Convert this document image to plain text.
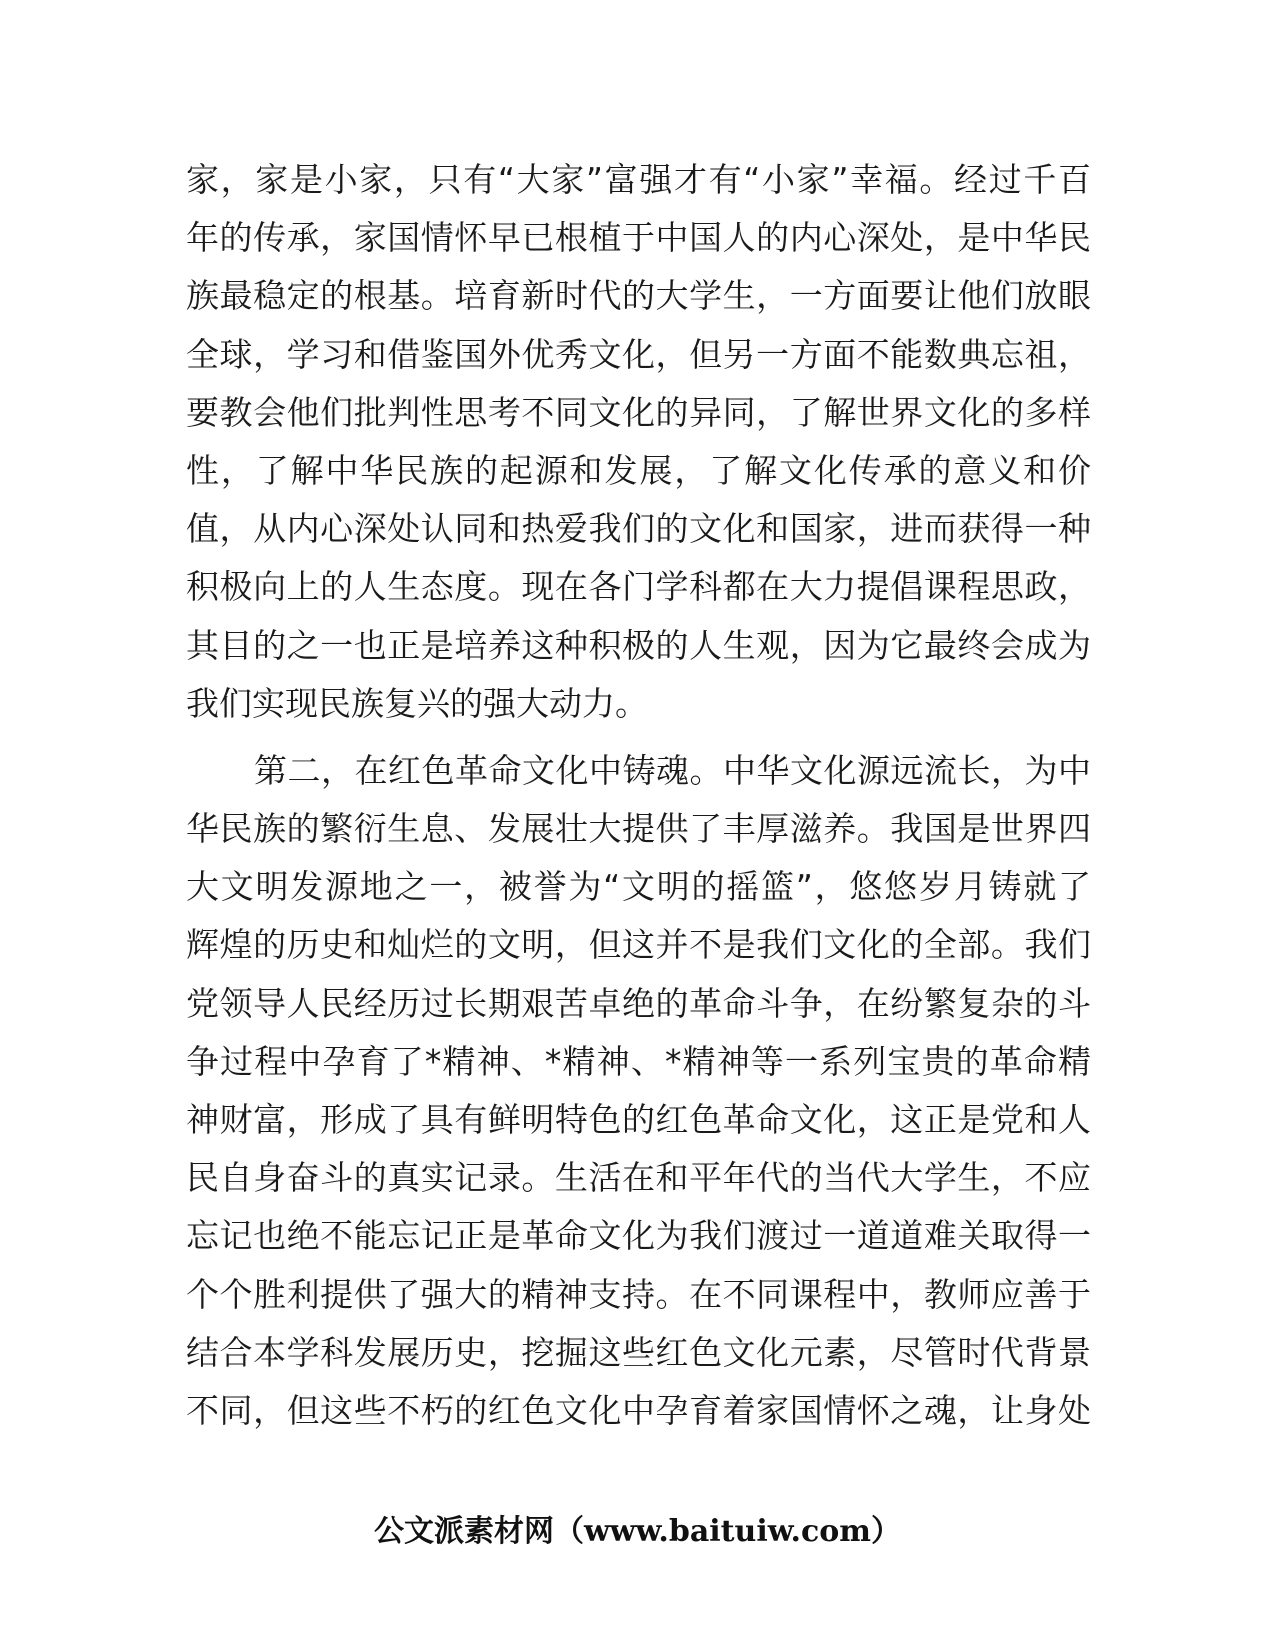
家，家是小家，只有“大家”富强才有“小家”幸福。经过千百
年的传承，家国情怀早已根植于中国人的内心深处，是中华民
族最稳定的根基。培育新时代的大学生，一方面要让他们放眼
全球，学习和借鉴国外优秀文化，但另一方面不能数典忘祖，
要教会他们批判性思考不同文化的异同，了解世界文化的多样
性，了解中华民族的起源和发展，了解文化传承的意义和价
值，从内心深处认同和热爱我们的文化和国家，进而获得一种
积极向上的人生态度。现在各门学科都在大力提倡课程思政，
其目的之一也正是培养这种积极的人生观，因为它最终会成为
我们实现民族复兴的强大动力。
第二，在红色革命文化中铸魂。中华文化源远流长，为中
华民族的繁衍生息、发展壮大提供了丰厚滋养。我国是世界四
大文明发源地之一，被誉为“文明的摇篮”，悠悠岁月铸就了
辉煌的历史和灿烂的文明，但这并不是我们文化的全部。我们
党领导人民经历过长期艰苦卓绝的革命斗争，在纷繁复杂的斗
争过程中孕育了*精神、*精神、*精神等一系列宝贵的革命精
神财富，形成了具有鲜明特色的红色革命文化，这正是党和人
民自身奋斗的真实记录。生活在和平年代的当代大学生，不应
忘记也绝不能忘记正是革命文化为我们渡过一道道难关取得一
个个胜利提供了强大的精神支持。在不同课程中，教师应善于
结合本学科发展历史，挖掘这些红色文化元素，尽管时代背景
不同，但这些不朽的红色文化中孕育着家国情怀之魂，让身处
公文派素材网（www.baituiw.com）
